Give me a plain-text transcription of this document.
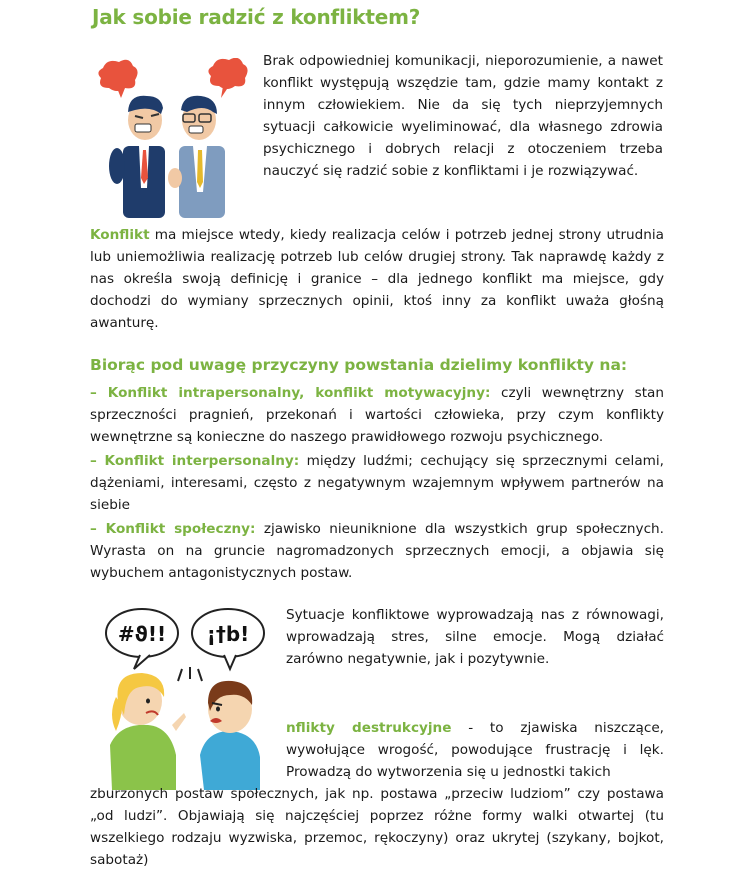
Jak sobie radzić z konfliktem?
Brak odpowiedniej komunikacji, nieporozumienie, a nawet konflikt występują wszędzie tam, gdzie mamy kontakt z innym człowiekiem. Nie da się tych nieprzyjemnych sytuacji całkowicie wyeliminować, dla własnego zdrowia psychicznego i dobrych relacji z otoczeniem trzeba nauczyć się radzić sobie z konfliktami i je rozwiązywać.
Konflikt ma miejsce wtedy, kiedy realizacja celów i potrzeb jednej strony utrudnia lub uniemożliwia realizację potrzeb lub celów drugiej strony. Tak naprawdę każdy z nas określa swoją definicję i granice – dla jednego konflikt ma miejsce, gdy dochodzi do wymiany sprzecznych opinii, ktoś inny za konflikt uważa głośną awanturę.
Biorąc pod uwagę przyczyny powstania dzielimy konflikty na:
– Konflikt intrapersonalny, konflikt motywacyjny: czyli wewnętrzny stan sprzeczności pragnień, przekonań i wartości człowieka, przy czym konflikty wewnętrzne są konieczne do naszego prawidłowego rozwoju psychicznego.
– Konflikt interpersonalny: między ludźmi; cechujący się sprzecznymi celami, dążeniami, interesami, często z negatywnym wzajemnym wpływem partnerów na siebie
– Konflikt społeczny: zjawisko nieuniknione dla wszystkich grup społecznych. Wyrasta on na gruncie nagromadzonych sprzecznych emocji, a objawia się wybuchem antagonistycznych postaw.
#ϑ!! ¡†b!
Sytuacje konfliktowe wyprowadzają nas z równowagi, wprowadzają stres, silne emocje. Mogą działać zarówno negatywnie, jak i pozytywnie.
nflikty destrukcyjne - to zjawiska niszczące, wywołujące wrogość, powodujące frustrację i lęk. Prowadzą do wytworzenia się u jednostki takich
zburzonych postaw społecznych, jak np. postawa „przeciw ludziom” czy postawa „od ludzi”. Objawiają się najczęściej poprzez różne formy walki otwartej (tu wszelkiego rodzaju wyzwiska, przemoc, rękoczyny) oraz ukrytej (szykany, bojkot, sabotaż)
